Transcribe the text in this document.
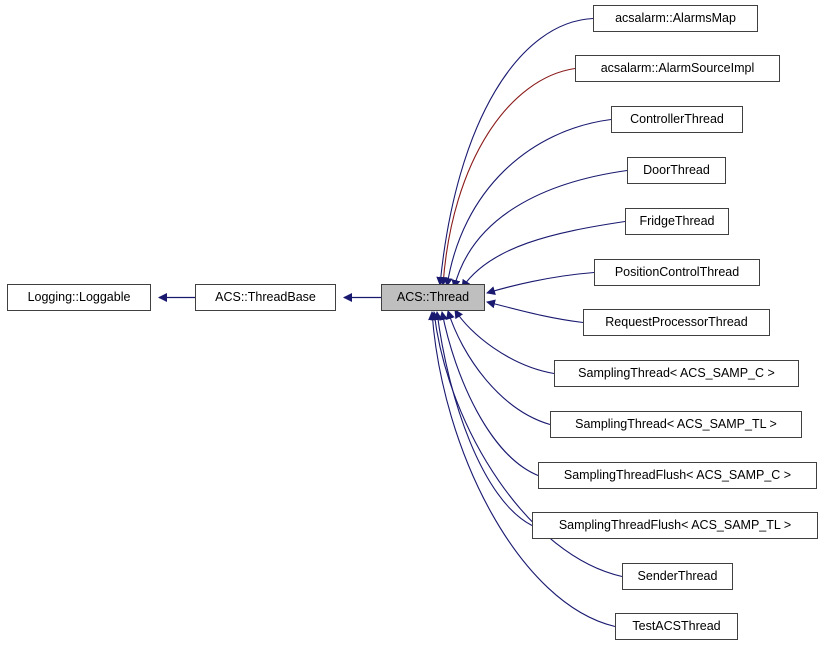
Logging::Loggable	ACS::ThreadBase	ACS::Thread
acsalarm::AlarmsMap
acsalarm::AlarmSourceImpl
ControllerThread
DoorThread
FridgeThread
PositionControlThread
RequestProcessorThread
SamplingThread< ACS_SAMP_C >
SamplingThread< ACS_SAMP_TL >
SamplingThreadFlush< ACS_SAMP_C >
SamplingThreadFlush< ACS_SAMP_TL >
SenderThread
TestACSThread
